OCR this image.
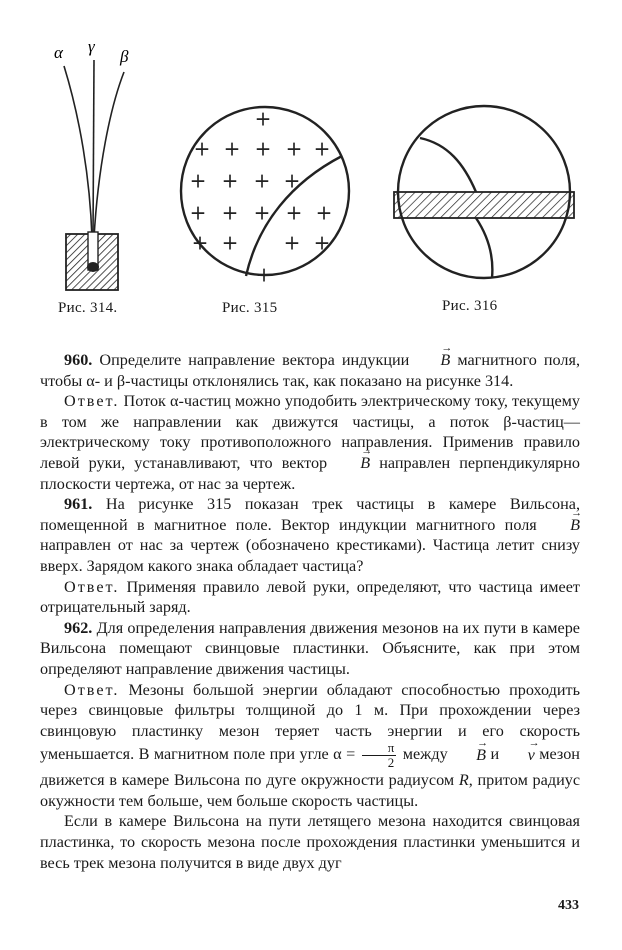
α γ
β
Рис. 314.
+
+ + + + +
+ + + +
+ + + + +
+ + + +
+
Рис. 315	Рис. 316

960. Определите направление вектора индукции → B магнитного поля, чтобы α- и β-частицы отклонялись так, как показано на рисунке 314.

Ответ. Поток α-частиц можно уподобить электрическому току, текущему в том же направлении как движутся частицы, а поток β-частиц— электрическому току противоположного направления. Применив правило левой руки, устанавливают, что вектор → B направлен перпендикулярно плоскости чертежа, от нас за чертеж.

961. На рисунке 315 показан трек частицы в камере Вильсона, помещенной в магнитное поле. Вектор индукции магнитного поля → B направлен от нас за чертеж (обозначено крестиками). Частица летит снизу вверх. Зарядом какого знака обладает частица?

Ответ. Применяя правило левой руки, определяют, что частица имеет отрицательный заряд.

962. Для определения направления движения мезонов на их пути в камере Вильсона помещают свинцовые пластинки. Объясните, как при этом определяют направление движения частицы.

Ответ. Мезоны большой энергии обладают способностью проходить через свинцовые фильтры толщиной до 1 м. При прохождении через свинцовую пластинку мезон теряет часть энергии и его скорость уменьшается. В магнитном поле при угле $\alpha = \frac{\pi}{2}$ между → B и → v мезон движется в камере Вильсона по дуге окружности радиусом R, притом радиус окужности тем больше, чем больше скорость частицы.

Если в камере Вильсона на пути летящего мезона находится свинцовая пластинка, то скорость мезона после прохождения пластинки уменьшится и весь трек мезона получится в виде двух дуг

433
